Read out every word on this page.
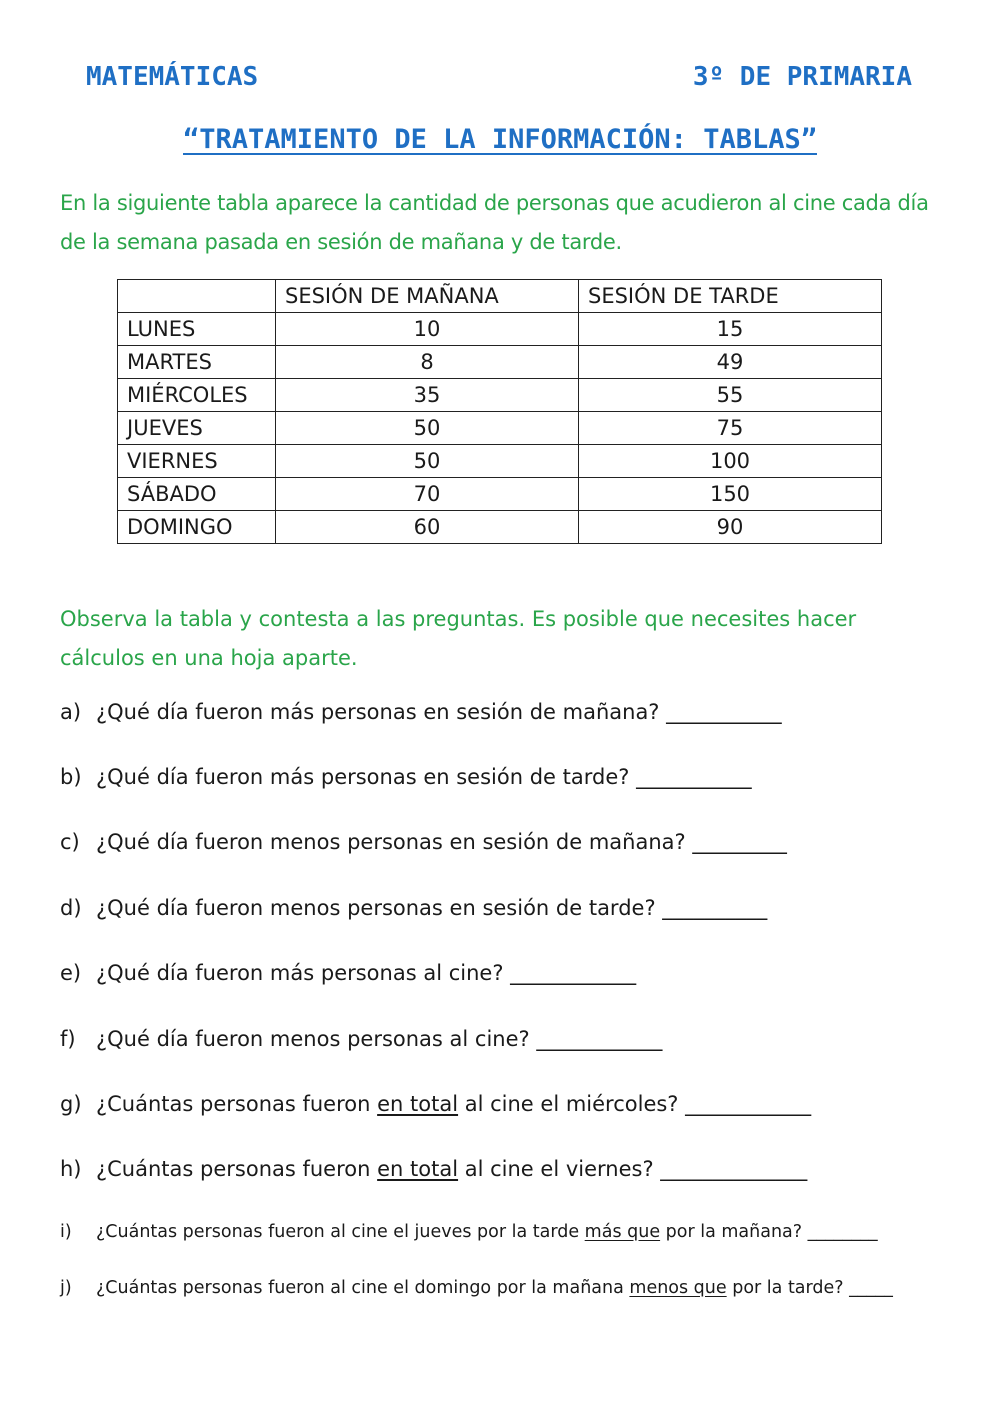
MATEMÁTICAS	3º DE PRIMARIA
“TRATAMIENTO DE LA INFORMACIÓN: TABLAS”
En la siguiente tabla aparece la cantidad de personas que acudieron al cine cada día de la semana pasada en sesión de mañana y de tarde.
	SESIÓN DE MAÑANA	SESIÓN DE TARDE
LUNES	10	15
MARTES	8	49
MIÉRCOLES	35	55
JUEVES	50	75
VIERNES	50	100
SÁBADO	70	150
DOMINGO	60	90
Observa la tabla y contesta a las preguntas. Es posible que necesites hacer cálculos en una hoja aparte.
a) ¿Qué día fueron más personas en sesión de mañana? ___________
b) ¿Qué día fueron más personas en sesión de tarde? ___________
c) ¿Qué día fueron menos personas en sesión de mañana? _________
d) ¿Qué día fueron menos personas en sesión de tarde? __________
e) ¿Qué día fueron más personas al cine? ____________
f) ¿Qué día fueron menos personas al cine? ____________
g) ¿Cuántas personas fueron en total al cine el miércoles? ____________
h) ¿Cuántas personas fueron en total al cine el viernes? ______________
i)	¿Cuántas personas fueron al cine el jueves por la tarde más que por la mañana? ________
j)	¿Cuántas personas fueron al cine el domingo por la mañana menos que por la tarde? _____
